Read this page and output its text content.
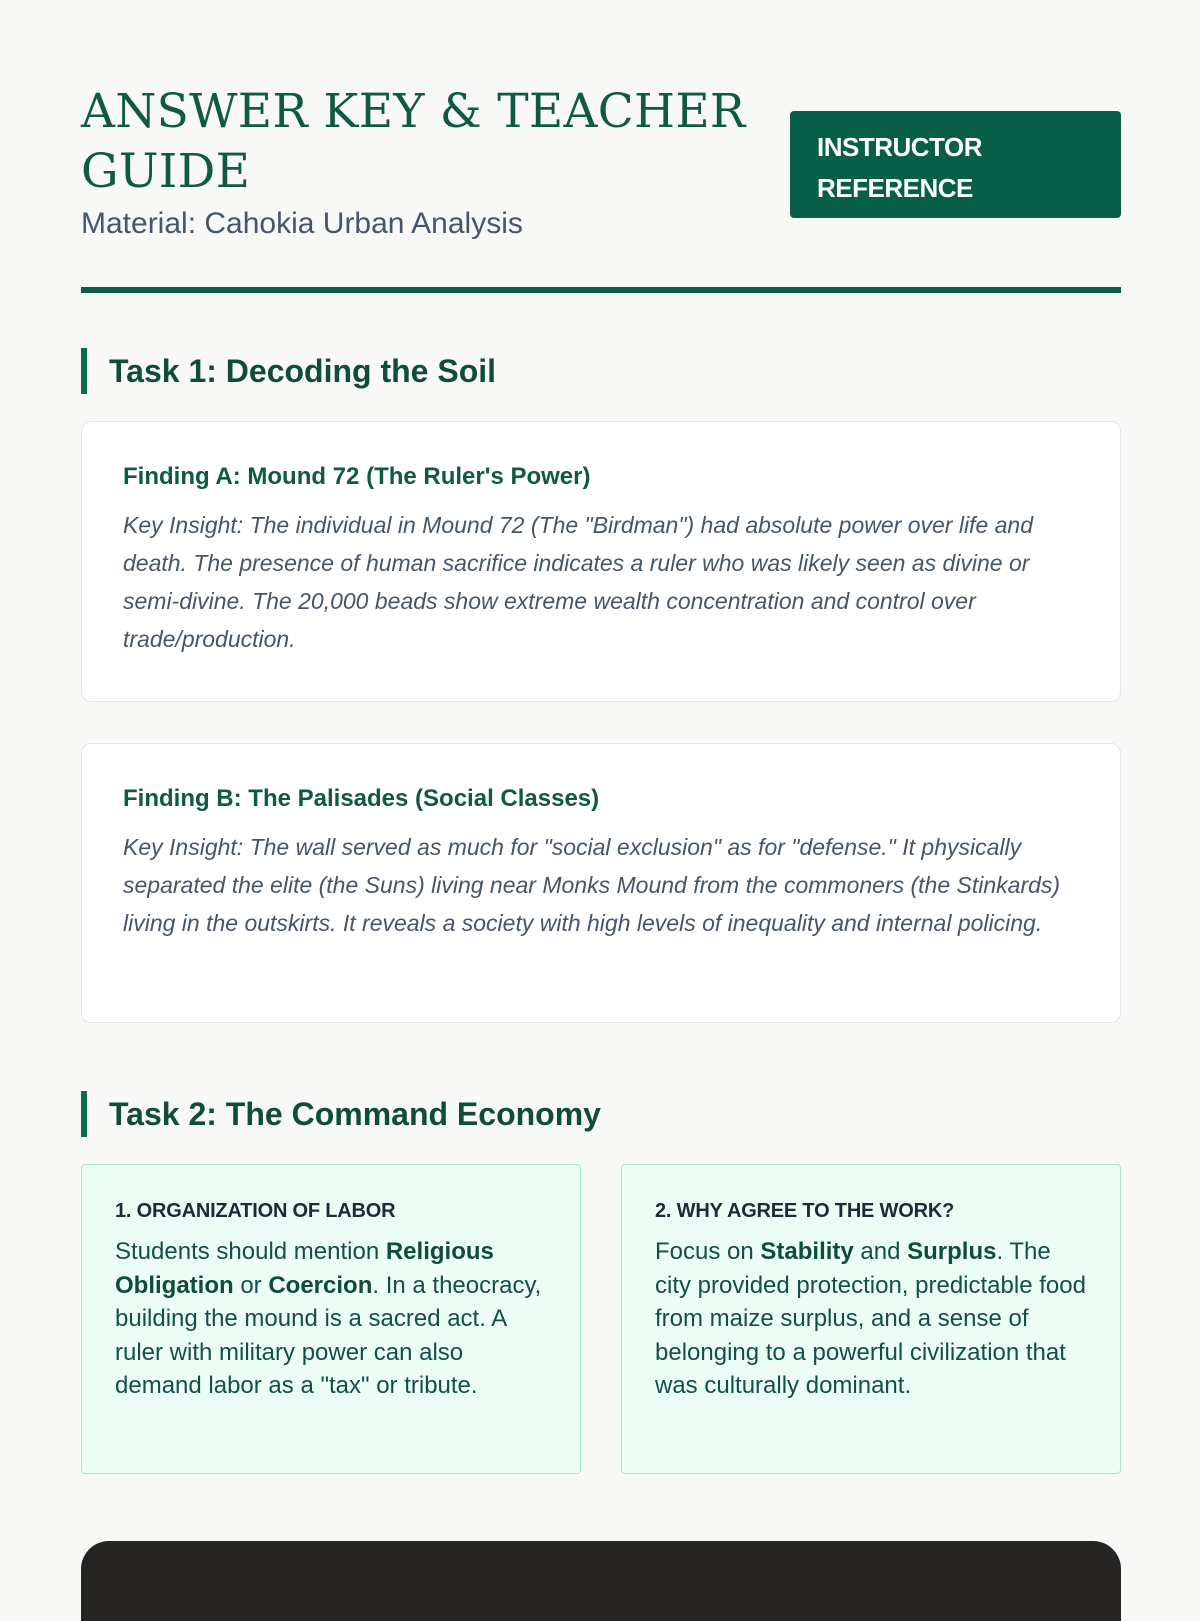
ANSWER KEY & TEACHER GUIDE
Material: Cahokia Urban Analysis
INSTRUCTOR
REFERENCE
Task 1: Decoding the Soil
Finding A: Mound 72 (The Ruler's Power)

Key Insight: The individual in Mound 72 (The "Birdman") had absolute power over life and death. The presence of human sacrifice indicates a ruler who was likely seen as divine or semi-divine. The 20,000 beads show extreme wealth concentration and control over trade/production.

Finding B: The Palisades (Social Classes)

Key Insight: The wall served as much for "social exclusion" as for "defense." It physically separated the elite (the Suns) living near Monks Mound from the commoners (the Stinkards) living in the outskirts. It reveals a society with high levels of inequality and internal policing.

Task 2: The Command Economy
1. ORGANIZATION OF LABOR

Students should mention Religious Obligation or Coercion. In a theocracy, building the mound is a sacred act. A ruler with military power can also demand labor as a "tax" or tribute.

2. WHY AGREE TO THE WORK?

Focus on Stability and Surplus. The city provided protection, predictable food from maize surplus, and a sense of belonging to a powerful civilization that was culturally dominant.
